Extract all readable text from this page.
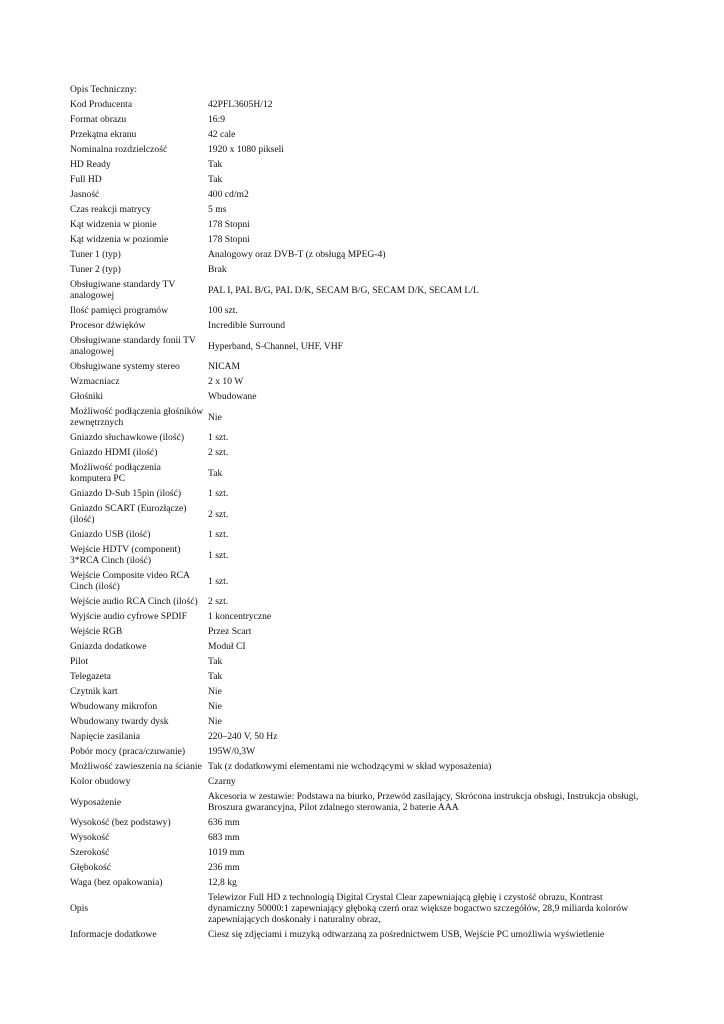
Opis Techniczny:
Kod Producenta	42PFL3605H/12
Format obrazu	16:9
Przekątna ekranu	42 cale
Nominalna rozdzielczość	1920 x 1080 pikseli
HD Ready	Tak
Full HD	Tak
Jasność	400 cd/m2
Czas reakcji matrycy	5 ms
Kąt widzenia w pionie	178 Stopni
Kąt widzenia w poziomie	178 Stopni
Tuner 1 (typ)	Analogowy oraz DVB-T (z obsługą MPEG-4)
Tuner 2 (typ)	Brak
Obsługiwane standardy TV analogowej	PAL I, PAL B/G, PAL D/K, SECAM B/G, SECAM D/K, SECAM L/L
Ilość pamięci programów	100 szt.
Procesor dźwięków	Incredible Surround
Obsługiwane standardy fonii TV analogowej	Hyperband, S-Channel, UHF, VHF
Obsługiwane systemy stereo	NICAM
Wzmacniacz	2 x 10 W
Głośniki	Wbudowane
Możliwość podłączenia głośników zewnętrznych	Nie
Gniazdo słuchawkowe (ilość)	1 szt.
Gniazdo HDMI (ilość)	2 szt.
Możliwość podłączenia komputera PC	Tak
Gniazdo D-Sub 15pin (ilość)	1 szt.
Gniazdo SCART (Eurozłącze) (ilość)	2 szt.
Gniazdo USB (ilość)	1 szt.
Wejście HDTV (component) 3*RCA Cinch (ilość)	1 szt.
Wejście Composite video RCA Cinch (ilość)	1 szt.
Wejście audio RCA Cinch (ilość)	2 szt.
Wyjście audio cyfrowe SPDIF	1 koncentryczne
Wejście RGB	Przez Scart
Gniazda dodatkowe	Moduł CI
Pilot	Tak
Telegazeta	Tak
Czytnik kart	Nie
Wbudowany mikrofon	Nie
Wbudowany twardy dysk	Nie
Napięcie zasilania	220–240 V, 50 Hz
Pobór mocy (praca/czuwanie)	195W/0,3W
Możliwość zawieszenia na ścianie	Tak (z dodatkowymi elementami nie wchodzącymi w skład wyposażenia)
Kolor obudowy	Czarny
Wyposażenie	Akcesoria w zestawie: Podstawa na biurko, Przewód zasilający, Skrócona instrukcja obsługi, Instrukcja obsługi,
Broszura gwarancyjna, Pilot zdalnego sterowania, 2 baterie AAA
Wysokość (bez podstawy)	636 mm
Wysokość	683 mm
Szerokość	1019 mm
Głębokość	236 mm
Waga (bez opakowania)	12,8 kg
Opis	Telewizor Full HD z technologią Digital Crystal Clear zapewniającą głębię i czystość obrazu, Kontrast
dynamiczny 50000:1 zapewniający głęboką czerń oraz większe bogactwo szczegółów, 28,9 miliarda kolorów
zapewniających doskonały i naturalny obraz,
Informacje dodatkowe	Ciesz się zdjęciami i muzyką odtwarzaną za pośrednictwem USB, Wejście PC umożliwia wyświetlenie
